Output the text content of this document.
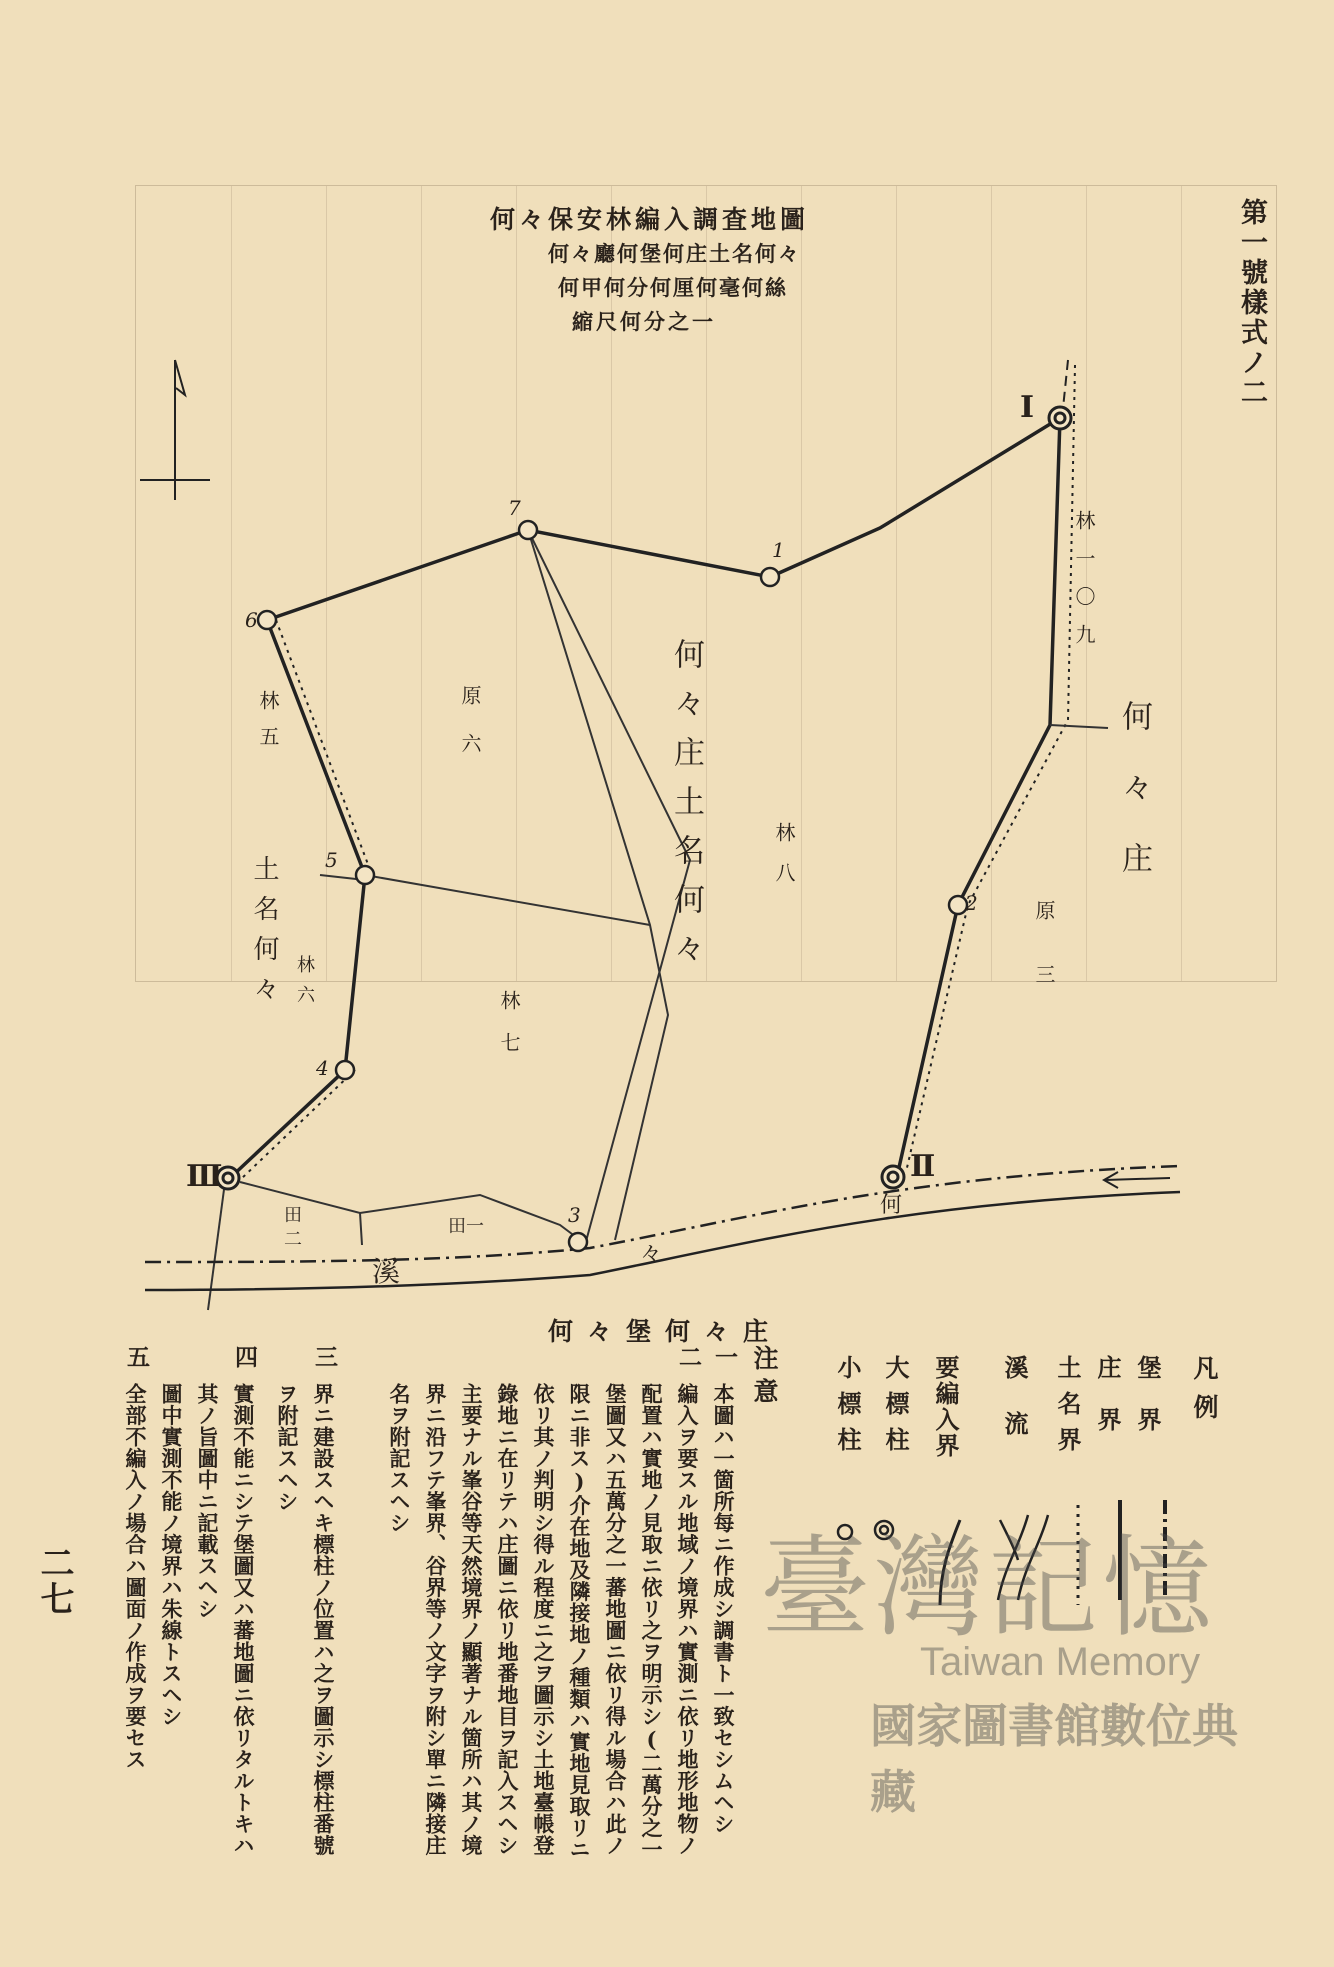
第一號樣式ノ二
何々保安林編入調査地圖
何々廳何堡何庄土名何々
何甲何分何厘何毫何絲
縮尺何分之一
Ⅰ
Ⅱ
Ⅲ
1
2
3
4
5
6
7
何々庄土名何々	何々庄
土名何々
林一〇九
林八
林七
林六
林五	原六
原三
田一
田二
溪
々
何
何々堡何々庄
凡例
堡界
庄界
土名界
溪流
要編入界
大標柱
小標柱
注意
一
本圖ハ一箇所每ニ作成シ調書ト一致セシムヘシ
二
編入ヲ要スル地域ノ境界ハ實測ニ依リ地形地物ノ
配置ハ實地ノ見取ニ依リ之ヲ明示シ(二萬分之一
堡圖又ハ五萬分之一蕃地圖ニ依リ得ル場合ハ此ノ
限ニ非ス)介在地及隣接地ノ種類ハ實地見取リニ
依リ其ノ判明シ得ル程度ニ之ヲ圖示シ土地臺帳登
錄地ニ在リテハ庄圖ニ依リ地番地目ヲ記入スヘシ
主要ナル峯谷等天然境界ノ顯著ナル箇所ハ其ノ境
界ニ沿フテ峯界、谷界等ノ文字ヲ附シ單ニ隣接庄
名ヲ附記スヘシ
三
界ニ建設スヘキ標柱ノ位置ハ之ヲ圖示シ標柱番號
ヲ附記スヘシ
四
實測不能ニシテ堡圖又ハ蕃地圖ニ依リタルトキハ
其ノ旨圖中ニ記載スヘシ
圖中實測不能ノ境界ハ朱線トスヘシ
五
全部不編入ノ場合ハ圖面ノ作成ヲ要セス
二七	臺灣記憶
Taiwan Memory
國家圖書館數位典藏
